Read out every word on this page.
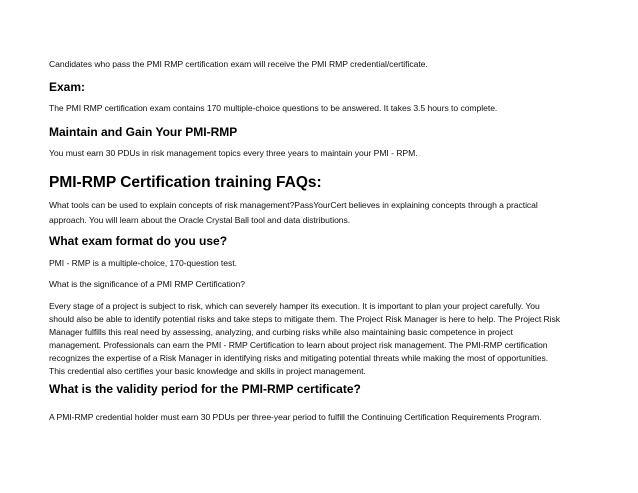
Candidates who pass the PMI RMP certification exam will receive the PMI RMP credential/certificate.

Exam:

The PMI RMP certification exam contains 170 multiple-choice questions to be answered. It takes 3.5 hours to complete.

Maintain and Gain Your PMI-RMP

You must earn 30 PDUs in risk management topics every three years to maintain your PMI - RPM.

PMI-RMP Certification training FAQs:

What tools can be used to explain concepts of risk management?PassYourCert believes in explaining concepts through a practical

approach. You will learn about the Oracle Crystal Ball tool and data distributions.

What exam format do you use?

PMI - RMP is a multiple-choice, 170-question test.

What is the significance of a PMI RMP Certification?

Every stage of a project is subject to risk, which can severely hamper its execution. It is important to plan your project carefully. You

should also be able to identify potential risks and take steps to mitigate them. The Project Risk Manager is here to help. The Project Risk

Manager fulfills this real need by assessing, analyzing, and curbing risks while also maintaining basic competence in project

management. Professionals can earn the PMI - RMP Certification to learn about project risk management. The PMI-RMP certification

recognizes the expertise of a Risk Manager in identifying risks and mitigating potential threats while making the most of opportunities.

This credential also certifies your basic knowledge and skills in project management.

What is the validity period for the PMI-RMP certificate?

A PMI-RMP credential holder must earn 30 PDUs per three-year period to fulfill the Continuing Certification Requirements Program.
